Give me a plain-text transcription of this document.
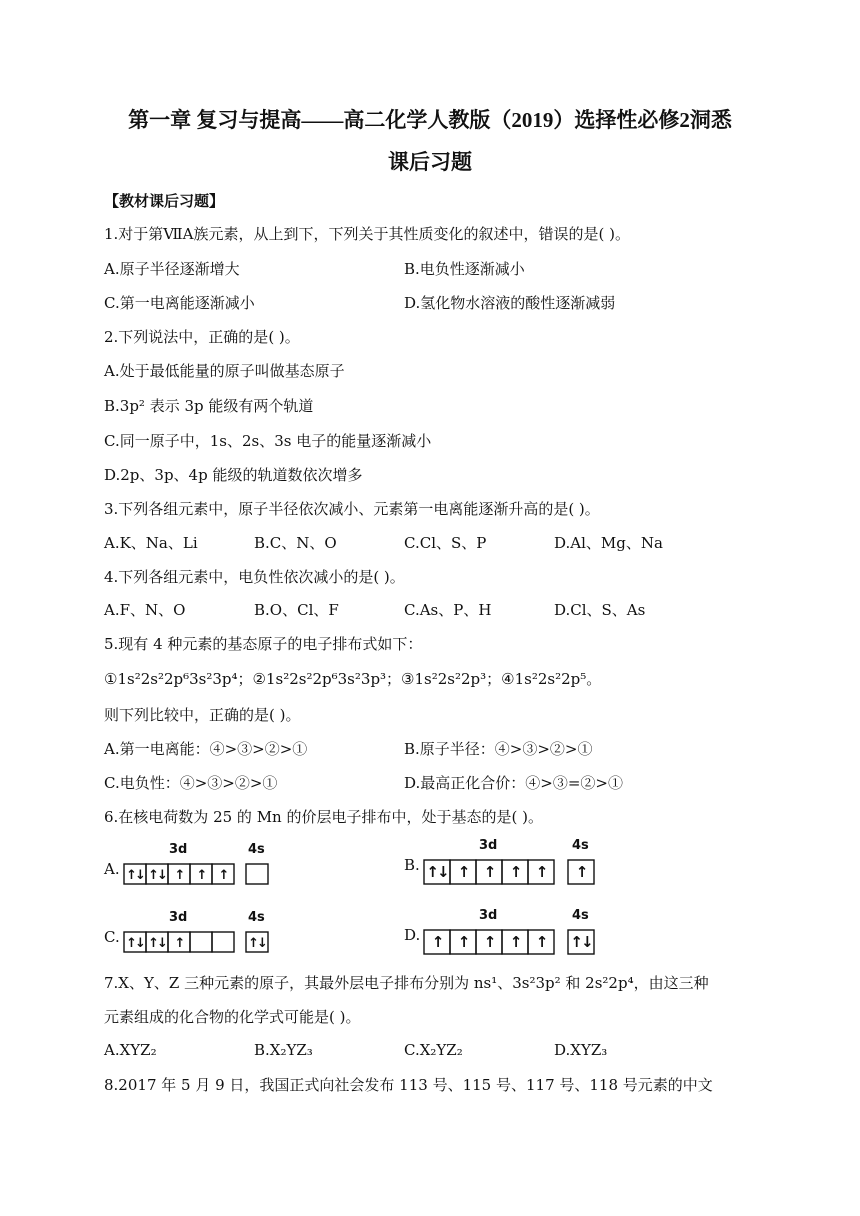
第一章 复习与提高——高二化学人教版（2019）选择性必修2洞悉
课后习题
【教材课后习题】
1.对于第ⅦA族元素，从上到下，下列关于其性质变化的叙述中，错误的是( )。
A.原子半径逐渐增大	B.电负性逐渐减小
C.第一电离能逐渐减小	D.氢化物水溶液的酸性逐渐减弱
2.下列说法中，正确的是( )。
A.处于最低能量的原子叫做基态原子
B.3p² 表示 3p 能级有两个轨道
C.同一原子中，1s、2s、3s 电子的能量逐渐减小
D.2p、3p、4p 能级的轨道数依次增多
3.下列各组元素中，原子半径依次减小、元素第一电离能逐渐升高的是( )。
A.K、Na、Li	B.C、N、O	C.Cl、S、P	D.Al、Mg、Na
4.下列各组元素中，电负性依次减小的是( )。
A.F、N、O	B.O、Cl、F	C.As、P、H	D.Cl、S、As
5.现有 4 种元素的基态原子的电子排布式如下：
①1s²2s²2p⁶3s²3p⁴；②1s²2s²2p⁶3s²3p³；③1s²2s²2p³；④1s²2s²2p⁵。
则下列比较中，正确的是( )。
A.第一电离能：④>③>②>①	B.原子半径：④>③>②>①
C.电负性：④>③>②>①	D.最高正化合价：④>③=②>①
6.在核电荷数为 25 的 Mn 的价层电子排布中，处于基态的是( )。
A.
3d	4s
↑↓ ↑↓ ↑ ↑ ↑
B.
3d	4s
↑↓ ↑ ↑ ↑ ↑ ↑
C.
3d	4s
↑↓ ↑↓ ↑	↑↓	D.
3d	4s
↑ ↑ ↑ ↑ ↑ ↑↓
7.X、Y、Z 三种元素的原子，其最外层电子排布分别为 ns¹、3s²3p² 和 2s²2p⁴，由这三种
元素组成的化合物的化学式可能是( )。
A.XYZ₂	B.X₂YZ₃	C.X₂YZ₂	D.XYZ₃
8.2017 年 5 月 9 日，我国正式向社会发布 113 号、115 号、117 号、118 号元素的中文
